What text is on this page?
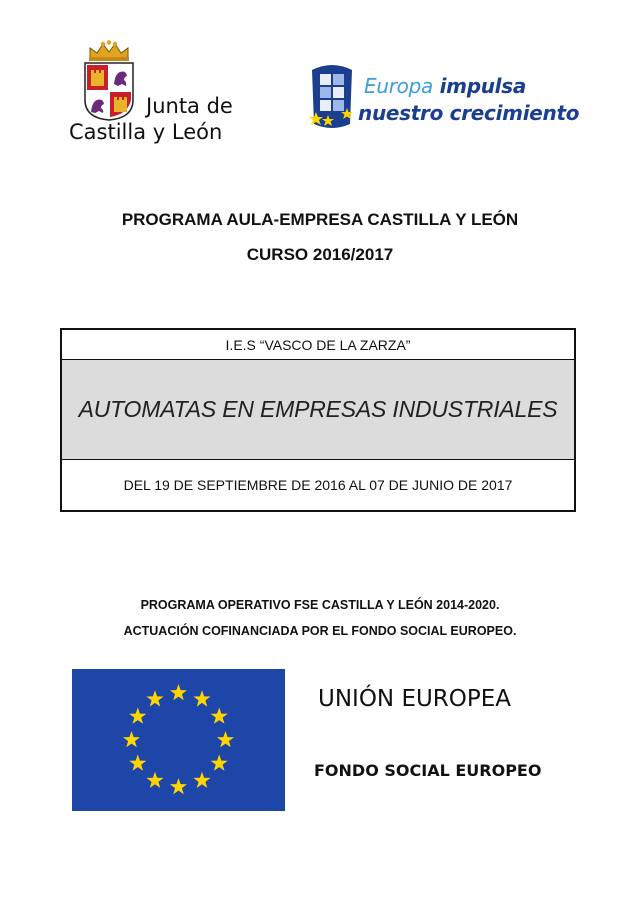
Junta de
Castilla y León
Europa impulsa
nuestro crecimiento
PROGRAMA AULA-EMPRESA CASTILLA Y LEÓN
CURSO 2016/2017
I.E.S “VASCO DE LA ZARZA”
AUTOMATAS EN EMPRESAS INDUSTRIALES
DEL 19 DE SEPTIEMBRE DE 2016 AL 07 DE JUNIO DE 2017
PROGRAMA OPERATIVO FSE CASTILLA Y LEÓN 2014-2020.
ACTUACIÓN COFINANCIADA POR EL FONDO SOCIAL EUROPEO.
UNIÓN EUROPEA
FONDO SOCIAL EUROPEO
